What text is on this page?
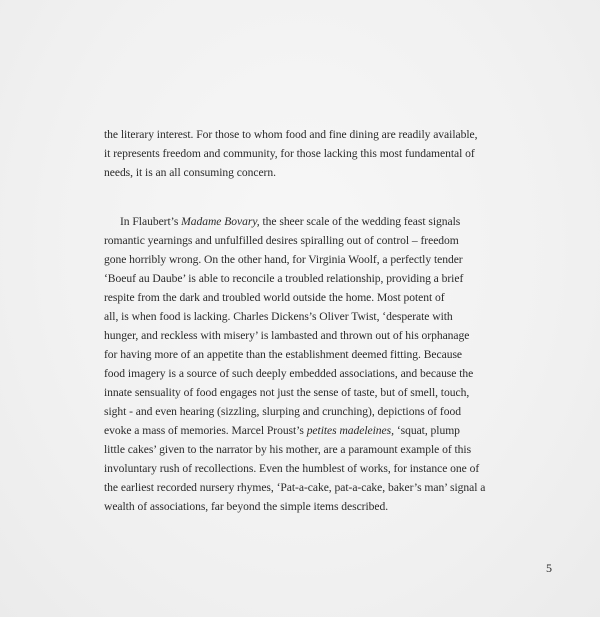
the literary interest. For those to whom food and fine dining are readily available,
it represents freedom and community, for those lacking this most fundamental of
needs, it is an all consuming concern.
In Flaubert’s Madame Bovary, the sheer scale of the wedding feast signals
romantic yearnings and unfulfilled desires spiralling out of control – freedom
gone horribly wrong. On the other hand, for Virginia Woolf, a perfectly tender
‘Boeuf au Daube’ is able to reconcile a troubled relationship, providing a brief
respite from the dark and troubled world outside the home. Most potent of
all, is when food is lacking. Charles Dickens’s Oliver Twist, ‘desperate with
hunger, and reckless with misery’ is lambasted and thrown out of his orphanage
for having more of an appetite than the establishment deemed fitting. Because
food imagery is a source of such deeply embedded associations, and because the
innate sensuality of food engages not just the sense of taste, but of smell, touch,
sight - and even hearing (sizzling, slurping and crunching), depictions of food
evoke a mass of memories. Marcel Proust’s petites madeleines, ‘squat, plump
little cakes’ given to the narrator by his mother, are a paramount example of this
involuntary rush of recollections. Even the humblest of works, for instance one of
the earliest recorded nursery rhymes, ‘Pat-a-cake, pat-a-cake, baker’s man’ signal a
wealth of associations, far beyond the simple items described.
5
